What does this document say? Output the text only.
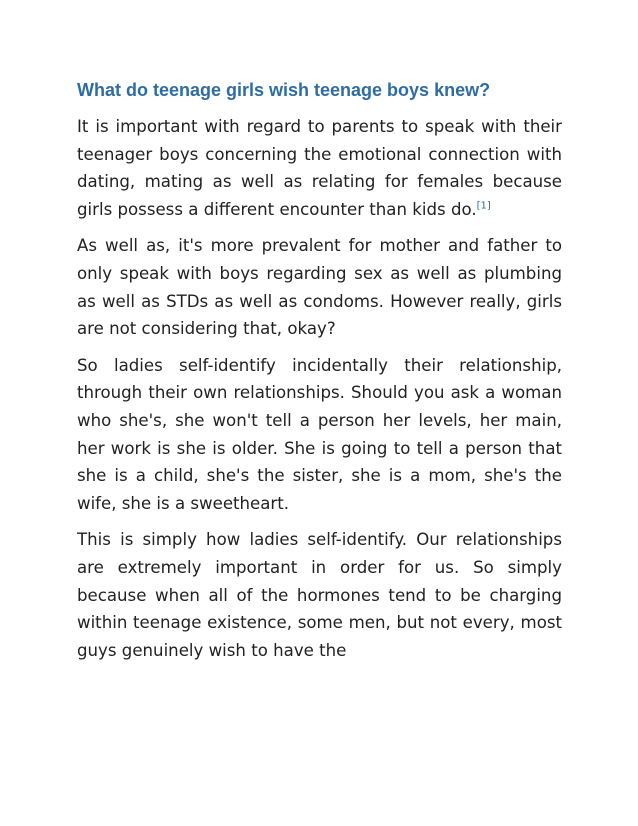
What do teenage girls wish teenage boys knew?

It is important with regard to parents to speak with their teenager boys concerning the emotional connection with dating, mating as well as relating for females because girls possess a different encounter than kids do.[1]

As well as, it's more prevalent for mother and father to only speak with boys regarding sex as well as plumbing as well as STDs as well as condoms. However really, girls are not considering that, okay?

So ladies self-identify incidentally their relationship, through their own relationships. Should you ask a woman who she's, she won't tell a person her levels, her main, her work is she is older. She is going to tell a person that she is a child, she's the sister, she is a mom, she's the wife, she is a sweetheart.

This is simply how ladies self-identify. Our relationships are extremely important in order for us. So simply because when all of the hormones tend to be charging within teenage existence, some men, but not every, most guys genuinely wish to have the
